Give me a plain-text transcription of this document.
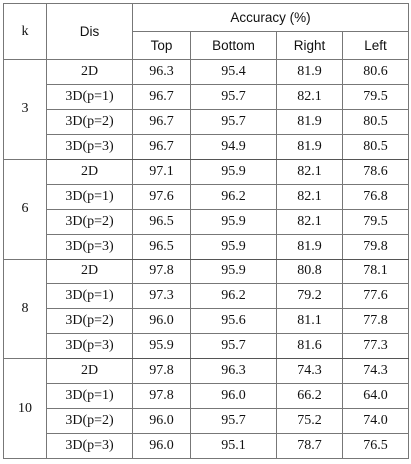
k	Dis	Accuracy (%)			
		Top	Bottom	Right	Left
3	2D	96.3	95.4	81.9	80.6
	3D(p=1)	96.7	95.7	82.1	79.5
	3D(p=2)	96.7	95.7	81.9	80.5
	3D(p=3)	96.7	94.9	81.9	80.5
6	2D	97.1	95.9	82.1	78.6
	3D(p=1)	97.6	96.2	82.1	76.8
	3D(p=2)	96.5	95.9	82.1	79.5
	3D(p=3)	96.5	95.9	81.9	79.8
8	2D	97.8	95.9	80.8	78.1
	3D(p=1)	97.3	96.2	79.2	77.6
	3D(p=2)	96.0	95.6	81.1	77.8
	3D(p=3)	95.9	95.7	81.6	77.3
10	2D	97.8	96.3	74.3	74.3
	3D(p=1)	97.8	96.0	66.2	64.0
	3D(p=2)	96.0	95.7	75.2	74.0
	3D(p=3)	96.0	95.1	78.7	76.5
